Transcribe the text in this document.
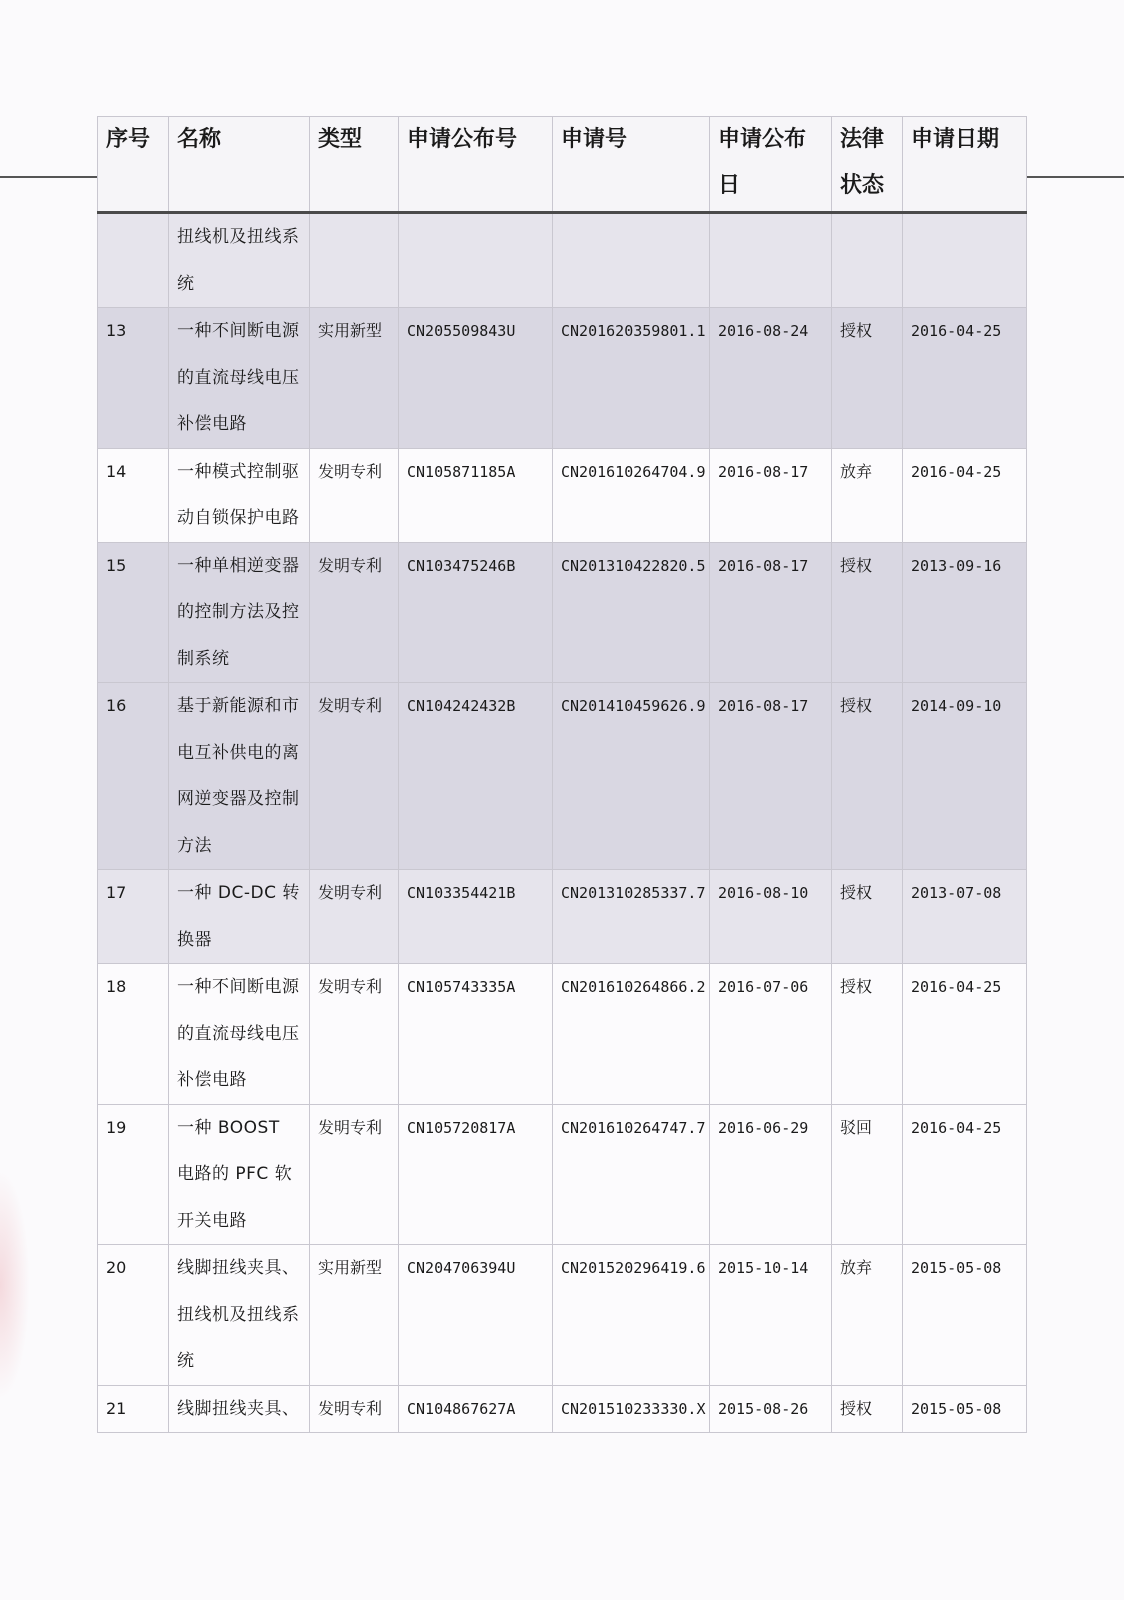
序号	名称	类型	申请公布号	申请号	申请公布日	法律状态	申请日期
	扭线机及扭线系统						
13	一种不间断电源的直流母线电压补偿电路	实用新型	CN205509843U	CN201620359801.1	2016-08-24	授权	2016-04-25
14	一种模式控制驱动自锁保护电路	发明专利	CN105871185A	CN201610264704.9	2016-08-17	放弃	2016-04-25
15	一种单相逆变器的控制方法及控制系统	发明专利	CN103475246B	CN201310422820.5	2016-08-17	授权	2013-09-16
16	基于新能源和市电互补供电的离网逆变器及控制方法	发明专利	CN104242432B	CN201410459626.9	2016-08-17	授权	2014-09-10
17	一种 DC-DC 转换器	发明专利	CN103354421B	CN201310285337.7	2016-08-10	授权	2013-07-08
18	一种不间断电源的直流母线电压补偿电路	发明专利	CN105743335A	CN201610264866.2	2016-07-06	授权	2016-04-25
19	一种 BOOST 电路的 PFC 软开关电路	发明专利	CN105720817A	CN201610264747.7	2016-06-29	驳回	2016-04-25
20	线脚扭线夹具、扭线机及扭线系统	实用新型	CN204706394U	CN201520296419.6	2015-10-14	放弃	2015-05-08
21	线脚扭线夹具、	发明专利	CN104867627A	CN201510233330.X	2015-08-26	授权	2015-05-08
